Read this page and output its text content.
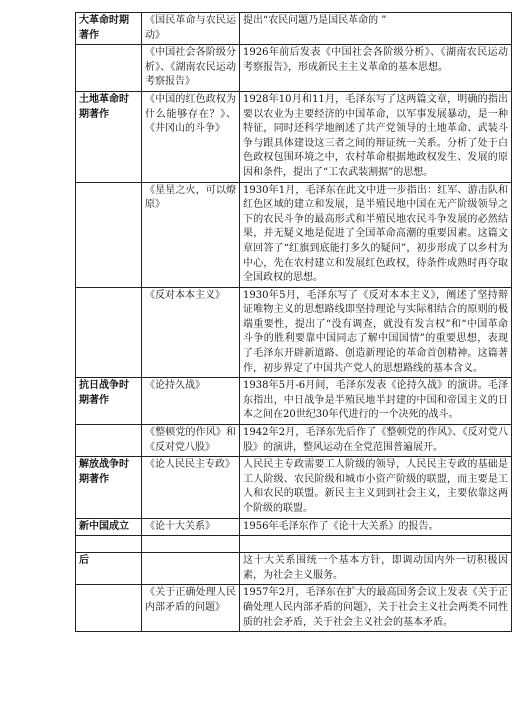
大革命时期著作	《国民革命与农民运动》	提出“农民问题乃是国民革命的 ”
	《中国社会各阶级分析》、《湖南农民运动考察报告》	1926年前后发表《中国社会各阶级分析》、《湖南农民运动考察报告》，形成新民主主义革命的基本思想。
土地革命时期著作	《中国的红色政权为什么能够存在？》、《井冈山的斗争》	1928年10月和11月，毛泽东写了这两篇文章，明确的指出要以农业为主要经济的中国革命，以军事发展暴动，是一种特征，同时还科学地阐述了共产党领导的土地革命、武装斗争与跟具体建设这三者之间的辩证统一关系。分析了处于白色政权包围环境之中，农村革命根据地政权发生、发展的原因和条件，提出了“工农武装割据”的思想。
	《星星之火，可以燎原》	1930年1月，毛泽东在此文中进一步指出：红军、游击队和红色区域的建立和发展，是半殖民地中国在无产阶级领导之下的农民斗争的最高形式和半殖民地农民斗争发展的必然结果，并无疑义地是促进了全国革命高潮的重要因素。这篇文章回答了“红旗到底能打多久的疑问”，初步形成了以乡村为中心，先在农村建立和发展红色政权，待条件成熟时再夺取全国政权的思想。
	《反对本本主义》	1930年5月，毛泽东写了《反对本本主义》，阐述了坚持辩证唯物主义的思想路线即坚持理论与实际相结合的原则的极端重要性，提出了“没有调查，就没有发言权”和“中国革命斗争的胜利要靠中国同志了解中国国情”的重要思想，表现了毛泽东开辟新道路、创造新理论的革命首创精神。这篇著作，初步界定了中国共产党人的思想路线的基本含义。
抗日战争时期著作	《论持久战》	1938年5月-6月间，毛泽东发表《论持久战》的演讲。毛泽东指出，中日战争是半殖民地半封建的中国和帝国主义的日本之间在20世纪30年代进行的一个决死的战斗。
	《整顿党的作风》和《反对党八股》	1942年2月，毛泽东先后作了《整顿党的作风》、《反对党八股》的演讲，整风运动在全党范围普遍展开。
解放战争时期著作	《论人民民主专政》	人民民主专政需要工人阶级的领导，人民民主专政的基础是工人阶级、农民阶级和城市小资产阶级的联盟，而主要是工人和农民的联盟。新民主主义到到社会主义，主要依靠这两个阶级的联盟。
新中国成立	《论十大关系》	1956年毛泽东作了《论十大关系》的报告。

后		这十大关系围统一个基本方针，即调动国内外一切积极因素，为社会主义服务。
	《关于正确处理人民内部矛盾的问题》	1957年2月，毛泽东在扩大的最高国务会议上发表《关于正确处理人民内部矛盾的问题》，关于社会主义社会两类不同性质的社会矛盾，关于社会主义社会的基本矛盾。
